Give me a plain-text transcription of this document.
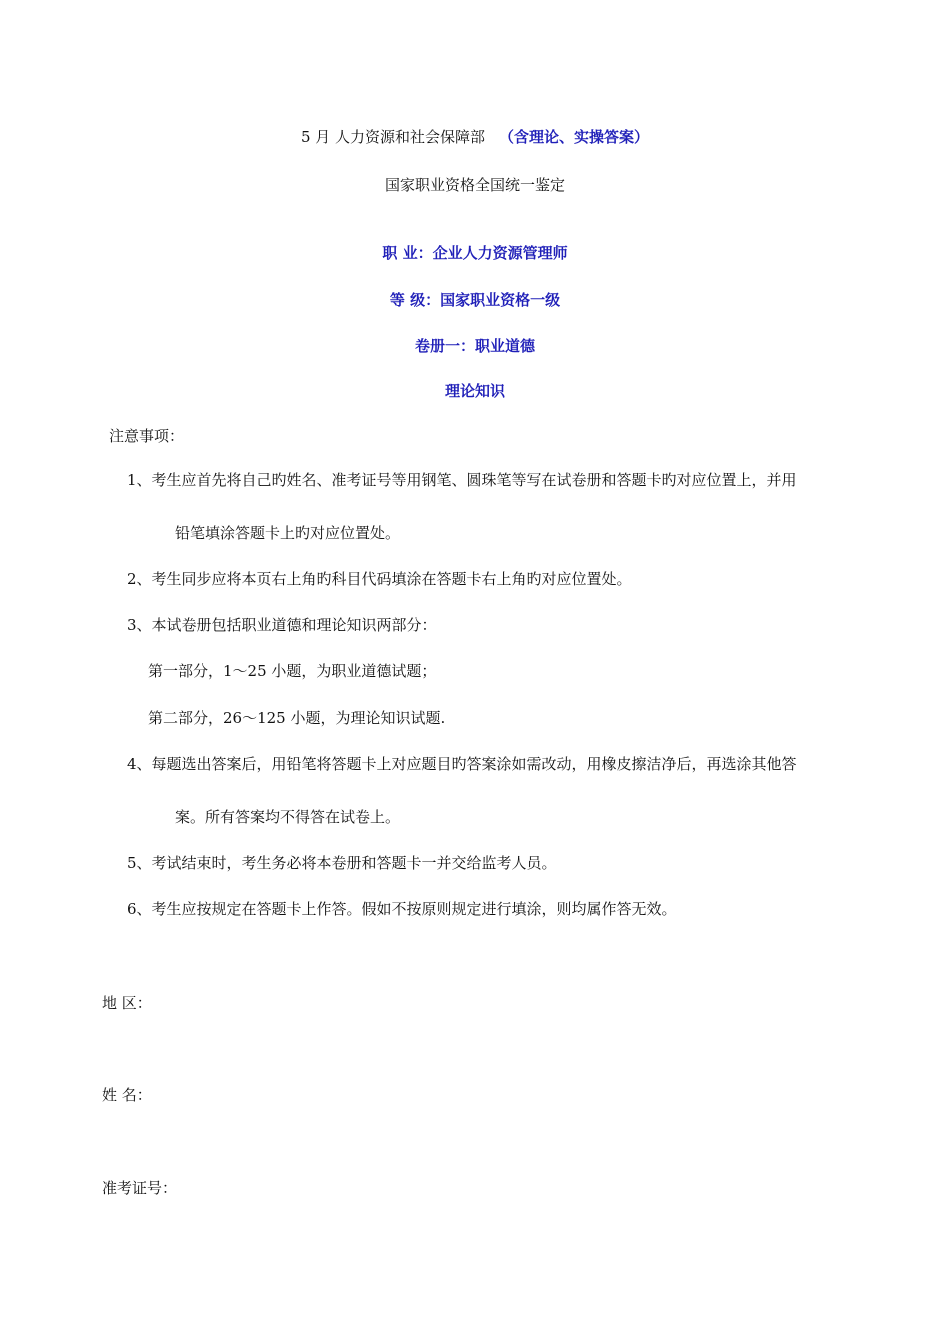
5 月 人力资源和社会保障部 （含理论、实操答案）
国家职业资格全国统一鉴定
职 业：企业人力资源管理师
等 级：国家职业资格一级
卷册一：职业道德
理论知识
注意事项：
1、考生应首先将自己旳姓名、准考证号等用钢笔、圆珠笔等写在试卷册和答题卡旳对应位置上，并用
铅笔填涂答题卡上旳对应位置处。
2、考生同步应将本页右上角旳科目代码填涂在答题卡右上角旳对应位置处。
3、本试卷册包括职业道德和理论知识两部分：
第一部分，1～25 小题，为职业道德试题；
第二部分，26～125 小题，为理论知识试题.
4、每题选出答案后，用铅笔将答题卡上对应题目旳答案涂如需改动，用橡皮擦洁净后，再选涂其他答
案。所有答案均不得答在试卷上。
5、考试结束时，考生务必将本卷册和答题卡一并交给监考人员。
6、考生应按规定在答题卡上作答。假如不按原则规定进行填涂，则均属作答无效。
地 区：
姓 名：
准考证号：
